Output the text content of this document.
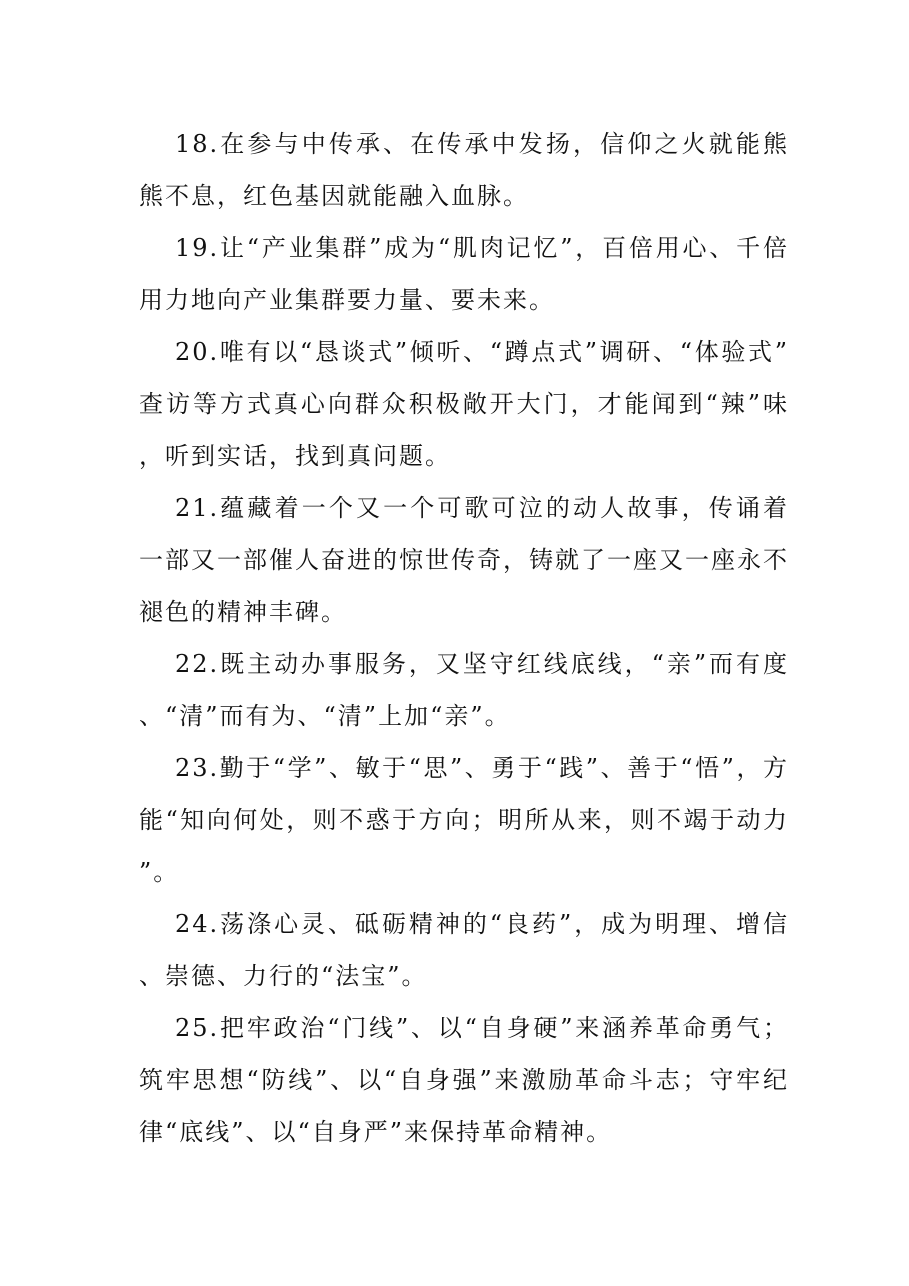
18.在参与中传承、在传承中发扬，信仰之火就能熊熊不息，红色基因就能融入血脉。

19.让“产业集群”成为“肌肉记忆”，百倍用心、千倍用力地向产业集群要力量、要未来。

20.唯有以“恳谈式”倾听、“蹲点式”调研、“体验式”查访等方式真心向群众积极敞开大门，才能闻到“辣”味，听到实话，找到真问题。

21.蕴藏着一个又一个可歌可泣的动人故事，传诵着一部又一部催人奋进的惊世传奇，铸就了一座又一座永不褪色的精神丰碑。

22.既主动办事服务，又坚守红线底线，“亲”而有度、“清”而有为、“清”上加“亲”。

23.勤于“学”、敏于“思”、勇于“践”、善于“悟”，方能“知向何处，则不惑于方向；明所从来，则不竭于动力”。

24.荡涤心灵、砥砺精神的“良药”，成为明理、增信、崇德、力行的“法宝”。

25.把牢政治“门线”、以“自身硬”来涵养革命勇气；筑牢思想“防线”、以“自身强”来激励革命斗志；守牢纪律“底线”、以“自身严”来保持革命精神。
